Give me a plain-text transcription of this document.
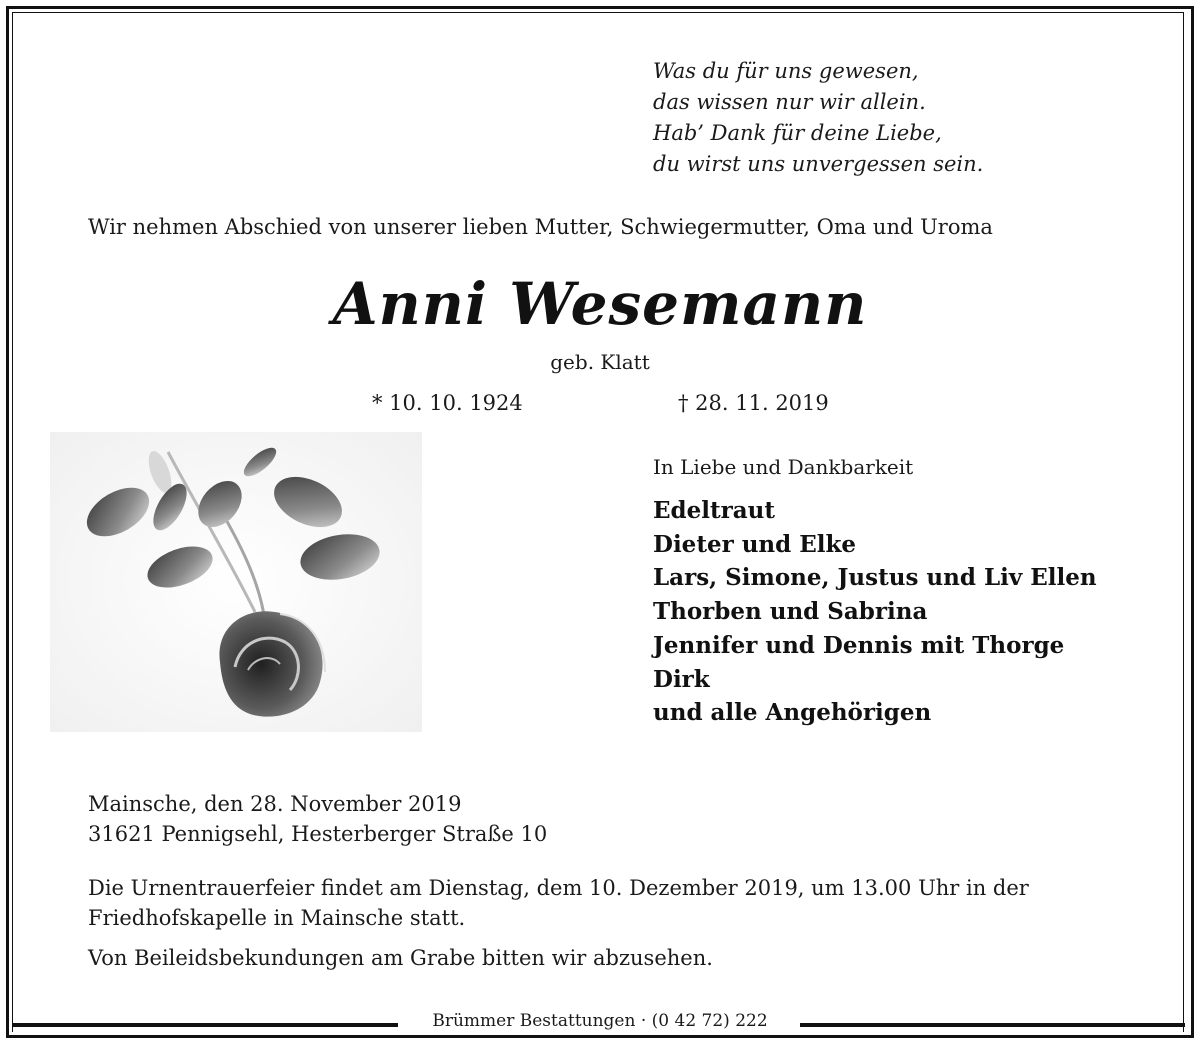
Was du für uns gewesen,
das wissen nur wir allein.
Hab’ Dank für deine Liebe,
du wirst uns unvergessen sein.
Wir nehmen Abschied von unserer lieben Mutter, Schwiegermutter, Oma und Uroma
Anni Wesemann
geb. Klatt
* 10. 10. 1924	† 28. 11. 2019
In Liebe und Dankbarkeit
Edeltraut
Dieter und Elke
Lars, Simone, Justus und Liv Ellen
Thorben und Sabrina
Jennifer und Dennis mit Thorge
Dirk
und alle Angehörigen
Mainsche, den 28. November 2019
31621 Pennigsehl, Hesterberger Straße 10
Die Urnentrauerfeier findet am Dienstag, dem 10. Dezember 2019, um 13.00 Uhr in der
Friedhofskapelle in Mainsche statt.
Von Beileidsbekundungen am Grabe bitten wir abzusehen.
Brümmer Bestattungen · (0 42 72) 222
